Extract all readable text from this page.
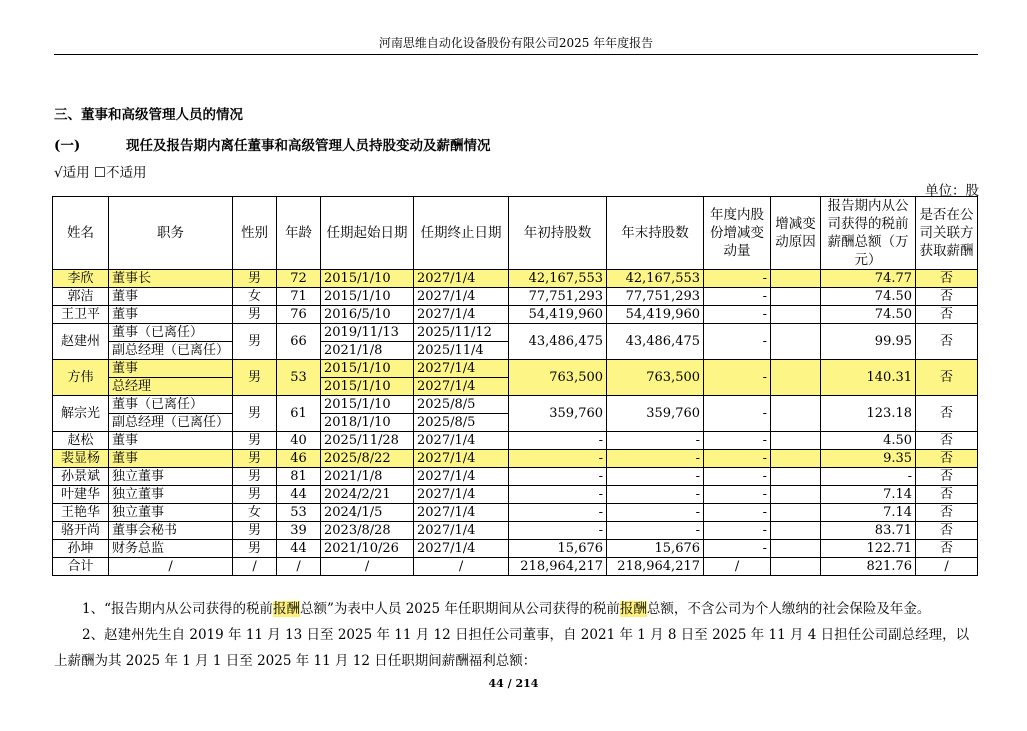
河南思维自动化设备股份有限公司2025 年年度报告
三、董事和高级管理人员的情况
(一)	现任及报告期内离任董事和高级管理人员持股变动及薪酬情况
√适用 ☐不适用
单位：股
姓名	职务	性别	年龄	任期起始日期	任期终止日期	年初持股数	年末持股数	年度内股份增减变动量	增减变动原因	报告期内从公司获得的税前薪酬总额（万元）	是否在公司关联方获取薪酬
李欣	董事长	男	72	2015/1/10	2027/1/4	42,167,553	42,167,553	-		74.77	否
郭洁	董事	女	71	2015/1/10	2027/1/4	77,751,293	77,751,293	-		74.50	否
王卫平	董事	男	76	2016/5/10	2027/1/4	54,419,960	54,419,960	-		74.50	否
赵建州	董事（已离任）	男	66	2019/11/13	2025/11/12	43,486,475	43,486,475	-		99.95	否
	副总经理（已离任）			2021/1/8	2025/11/4						
方伟	董事	男	53	2015/1/10	2027/1/4	763,500	763,500	-		140.31	否
	总经理			2015/1/10	2027/1/4						
解宗光	董事（已离任）	男	61	2015/1/10	2025/8/5	359,760	359,760	-		123.18	否
	副总经理（已离任）			2018/1/10	2025/8/5						
赵松	董事	男	40	2025/11/28	2027/1/4	-	-	-		4.50	否
裴显杨	董事	男	46	2025/8/22	2027/1/4	-	-	-		9.35	否
孙景斌	独立董事	男	81	2021/1/8	2027/1/4	-	-	-		-	否
叶建华	独立董事	男	44	2024/2/21	2027/1/4	-	-	-		7.14	否
王艳华	独立董事	女	53	2024/1/5	2027/1/4	-	-	-		7.14	否
骆开尚	董事会秘书	男	39	2023/8/28	2027/1/4	-	-	-		83.71	否
孙坤	财务总监	男	44	2021/10/26	2027/1/4	15,676	15,676	-		122.71	否
合计	/	/	/	/	/	218,964,217	218,964,217	/		821.76	/
1、“报告期内从公司获得的税前报酬总额”为表中人员 2025 年任职期间从公司获得的税前报酬总额，不含公司为个人缴纳的社会保险及年金。
2、赵建州先生自 2019 年 11 月 13 日至 2025 年 11 月 12 日担任公司董事，自 2021 年 1 月 8 日至 2025 年 11 月 4 日担任公司副总经理，以上薪酬为其 2025 年 1 月 1 日至 2025 年 11 月 12 日任职期间薪酬福利总额：
44 / 214
